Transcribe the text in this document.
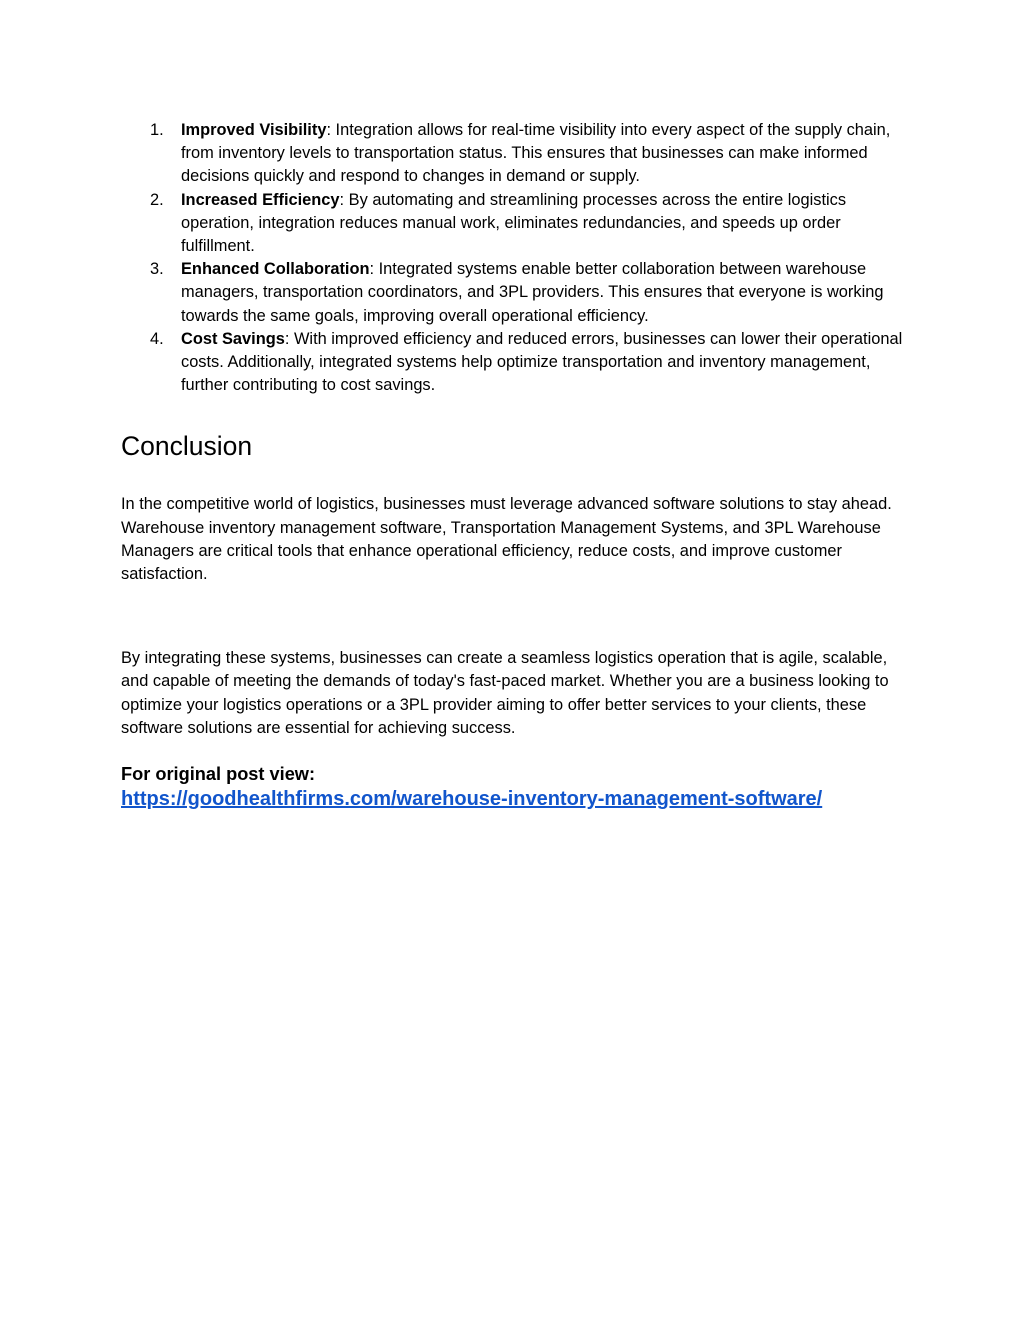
1. Improved Visibility: Integration allows for real-time visibility into every aspect of the supply chain, from inventory levels to transportation status. This ensures that businesses can make informed decisions quickly and respond to changes in demand or supply.
2. Increased Efficiency: By automating and streamlining processes across the entire logistics operation, integration reduces manual work, eliminates redundancies, and speeds up order fulfillment.
3. Enhanced Collaboration: Integrated systems enable better collaboration between warehouse managers, transportation coordinators, and 3PL providers. This ensures that everyone is working towards the same goals, improving overall operational efficiency.
4. Cost Savings: With improved efficiency and reduced errors, businesses can lower their operational costs. Additionally, integrated systems help optimize transportation and inventory management, further contributing to cost savings.
Conclusion

In the competitive world of logistics, businesses must leverage advanced software solutions to stay ahead. Warehouse inventory management software, Transportation Management Systems, and 3PL Warehouse Managers are critical tools that enhance operational efficiency, reduce costs, and improve customer satisfaction.

By integrating these systems, businesses can create a seamless logistics operation that is agile, scalable, and capable of meeting the demands of today's fast-paced market. Whether you are a business looking to optimize your logistics operations or a 3PL provider aiming to offer better services to your clients, these software solutions are essential for achieving success.

For original post view:
https://goodhealthfirms.com/warehouse-inventory-management-software/
